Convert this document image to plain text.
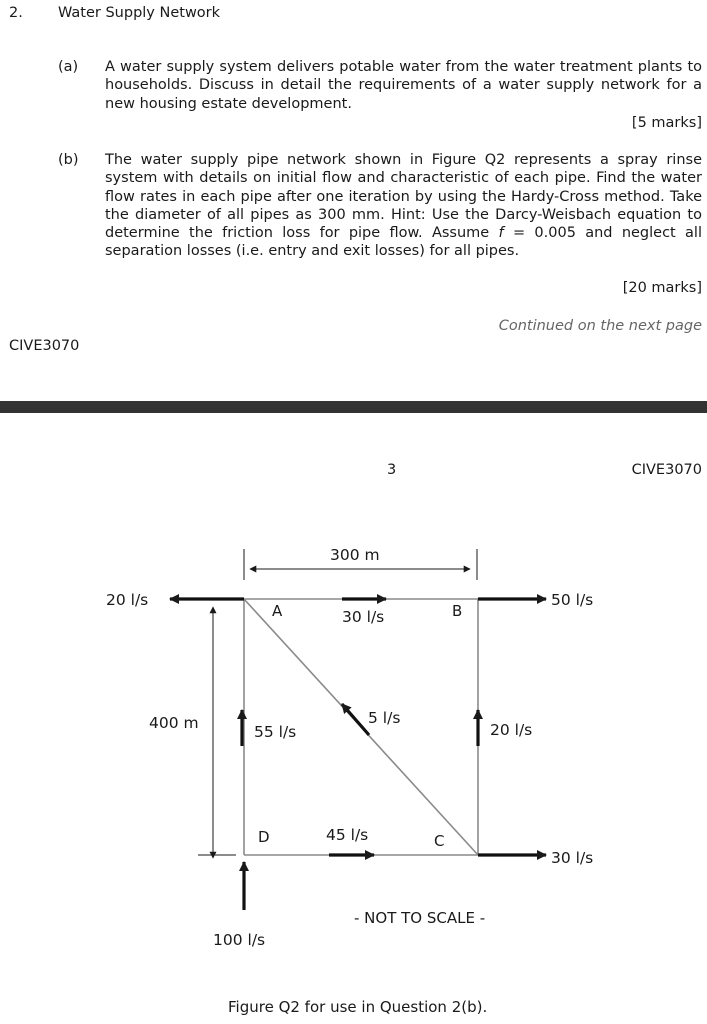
2. Water Supply Network
(a) A water supply system delivers potable water from the water treatment plants to households. Discuss in detail the requirements of a water supply network for a new housing estate development.
[5 marks]
(b) The water supply pipe network shown in Figure Q2 represents a spray rinse system with details on initial flow and characteristic of each pipe. Find the water flow rates in each pipe after one iteration by using the Hardy-Cross method. Take the diameter of all pipes as 300 mm. Hint: Use the Darcy-Weisbach equation to determine the friction loss for pipe flow. Assume f = 0.005 and neglect all separation losses (i.e. entry and exit losses) for all pipes.
[20 marks]
Continued on the next page
CIVE3070
3	CIVE3070
300 m
400 m
A	B
C
D
20 l/s	50 l/s
30 l/s
100 l/s
30 l/s
5 l/s
55 l/s	20 l/s
45 l/s
- NOT TO SCALE -
Figure Q2 for use in Question 2(b).
